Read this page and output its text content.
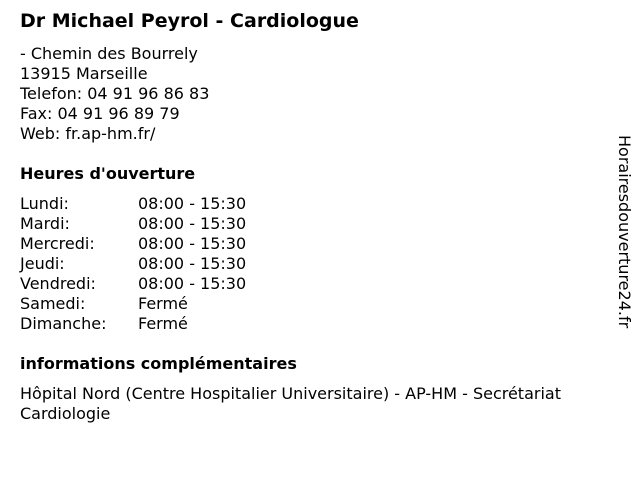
Dr Michael Peyrol - Cardiologue
- Chemin des Bourrely
13915 Marseille
Telefon: 04 91 96 86 83
Fax: 04 91 96 89 79
Web: fr.ap-hm.fr/
Heures d'ouverture
Lundi:	08:00 - 15:30
Mardi:	08:00 - 15:30
Mercredi:	08:00 - 15:30
Jeudi:	08:00 - 15:30
Vendredi:	08:00 - 15:30
Samedi:	Fermé
Dimanche:	Fermé
informations complémentaires
Hôpital Nord (Centre Hospitalier Universitaire) - AP-HM - Secrétariat Cardiologie
Horairesdouverture24.fr
